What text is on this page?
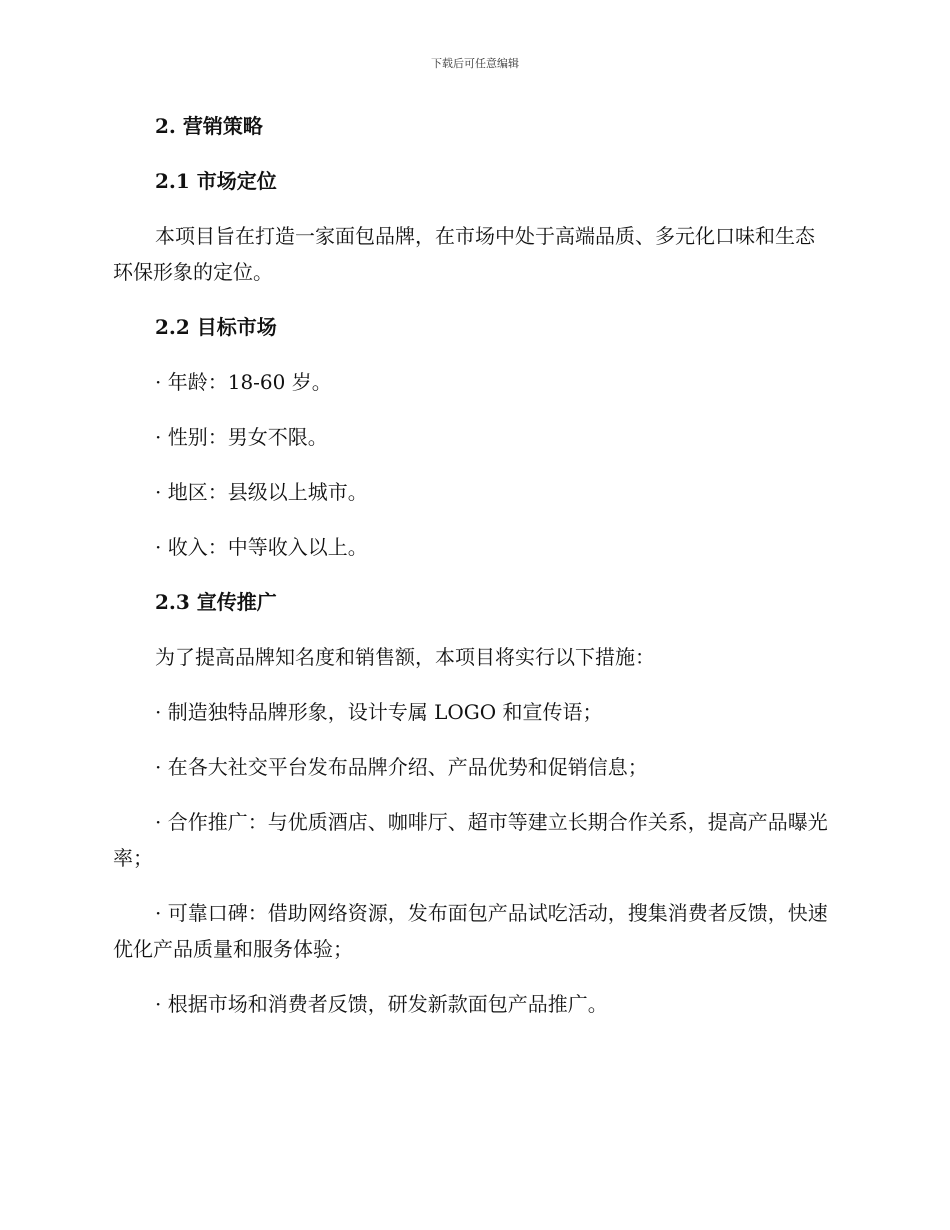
下载后可任意编辑
2. 营销策略
2.1 市场定位
本项目旨在打造一家面包品牌，在市场中处于高端品质、多元化口味和生态环保形象的定位。
2.2 目标市场
· 年龄：18-60 岁。
· 性别：男女不限。
· 地区：县级以上城市。
· 收入：中等收入以上。
2.3 宣传推广
为了提高品牌知名度和销售额，本项目将实行以下措施：
· 制造独特品牌形象，设计专属 LOGO 和宣传语；
· 在各大社交平台发布品牌介绍、产品优势和促销信息；
· 合作推广：与优质酒店、咖啡厅、超市等建立长期合作关系，提高产品曝光率；
· 可靠口碑：借助网络资源，发布面包产品试吃活动，搜集消费者反馈，快速优化产品质量和服务体验；
· 根据市场和消费者反馈，研发新款面包产品推广。
